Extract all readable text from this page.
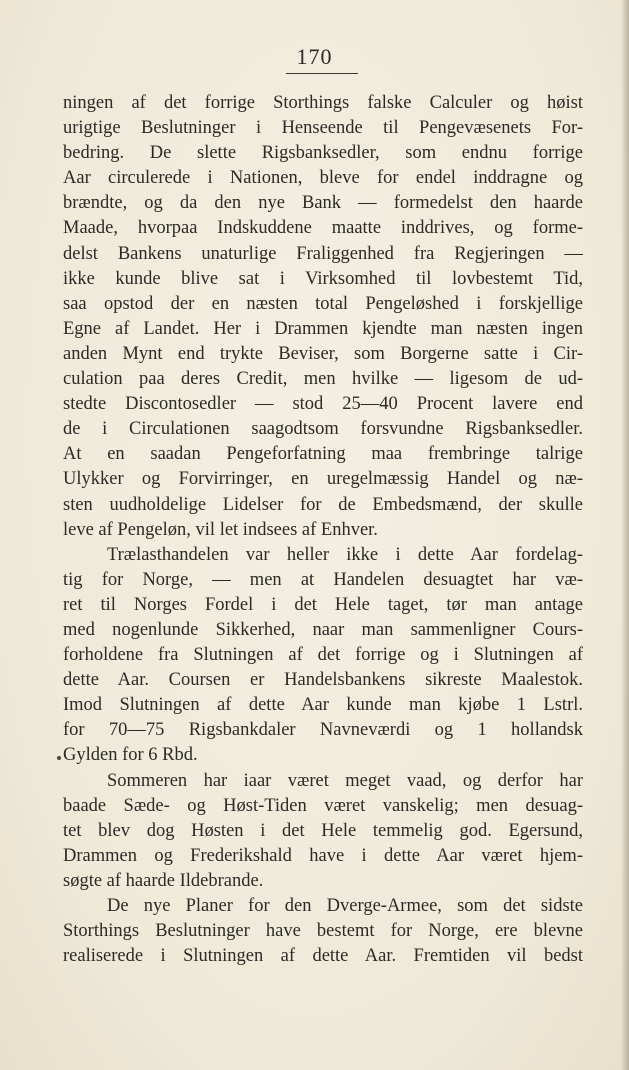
170
ningen af det forrige Storthings falske Calculer og høist
urigtige Beslutninger i Henseende til Pengevæsenets For-
bedring. De slette Rigsbanksedler, som endnu forrige
Aar circulerede i Nationen, bleve for endel inddragne og
brændte, og da den nye Bank — formedelst den haarde
Maade, hvorpaa Indskuddene maatte inddrives, og forme-
delst Bankens unaturlige Fraliggenhed fra Regjeringen —
ikke kunde blive sat i Virksomhed til lovbestemt Tid,
saa opstod der en næsten total Pengeløshed i forskjellige
Egne af Landet. Her i Drammen kjendte man næsten ingen
anden Mynt end trykte Beviser, som Borgerne satte i Cir-
culation paa deres Credit, men hvilke — ligesom de ud-
stedte Discontosedler — stod 25—40 Procent lavere end
de i Circulationen saagodtsom forsvundne Rigsbanksedler.
At en saadan Pengeforfatning maa frembringe talrige
Ulykker og Forvirringer, en uregelmæssig Handel og næ-
sten uudholdelige Lidelser for de Embedsmænd, der skulle
leve af Pengeløn, vil let indsees af Enhver.
Trælasthandelen var heller ikke i dette Aar fordelag-
tig for Norge, — men at Handelen desuagtet har væ-
ret til Norges Fordel i det Hele taget, tør man antage
med nogenlunde Sikkerhed, naar man sammenligner Cours-
forholdene fra Slutningen af det forrige og i Slutningen af
dette Aar. Coursen er Handelsbankens sikreste Maalestok.
Imod Slutningen af dette Aar kunde man kjøbe 1 Lstrl.
for 70—75 Rigsbankdaler Navneværdi og 1 hollandsk
Gylden for 6 Rbd.
Sommeren har iaar været meget vaad, og derfor har
baade Sæde- og Høst-Tiden været vanskelig; men desuag-
tet blev dog Høsten i det Hele temmelig god. Egersund,
Drammen og Frederikshald have i dette Aar været hjem-
søgte af haarde Ildebrande.
De nye Planer for den Dverge-Armee, som det sidste
Storthings Beslutninger have bestemt for Norge, ere blevne
realiserede i Slutningen af dette Aar. Fremtiden vil bedst
